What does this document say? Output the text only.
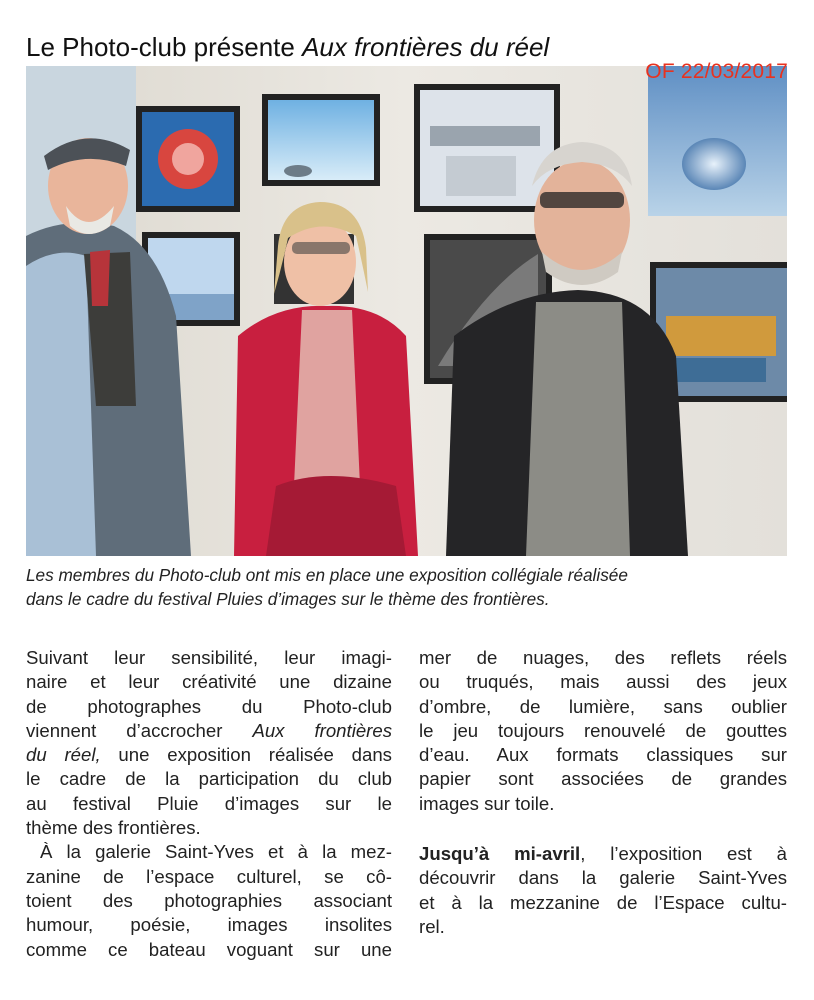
Le Photo-club présente Aux frontières du réel
OF 22/03/2017

Les membres du Photo-club ont mis en place une exposition collégiale réalisée

dans le cadre du festival Pluies d’images sur le thème des frontières.

Suivant leur sensibilité, leur imagi-

naire et leur créativité une dizaine

de photographes du Photo-club

viennent d’accrocher Aux frontières

du réel, une exposition réalisée dans

le cadre de la participation du club

au festival Pluie d’images sur le

thème des frontières.

À la galerie Saint-Yves et à la mez-

zanine de l’espace culturel, se cô-

toient des photographies associant

humour, poésie, images insolites

comme ce bateau voguant sur une

mer de nuages, des reflets réels

ou truqués, mais aussi des jeux

d’ombre, de lumière, sans oublier

le jeu toujours renouvelé de gouttes

d’eau. Aux formats classiques sur

papier sont associées de grandes

images sur toile.

Jusqu’à mi-avril, l’exposition est à

découvrir dans la galerie Saint-Yves

et à la mezzanine de l’Espace cultu-

rel.
